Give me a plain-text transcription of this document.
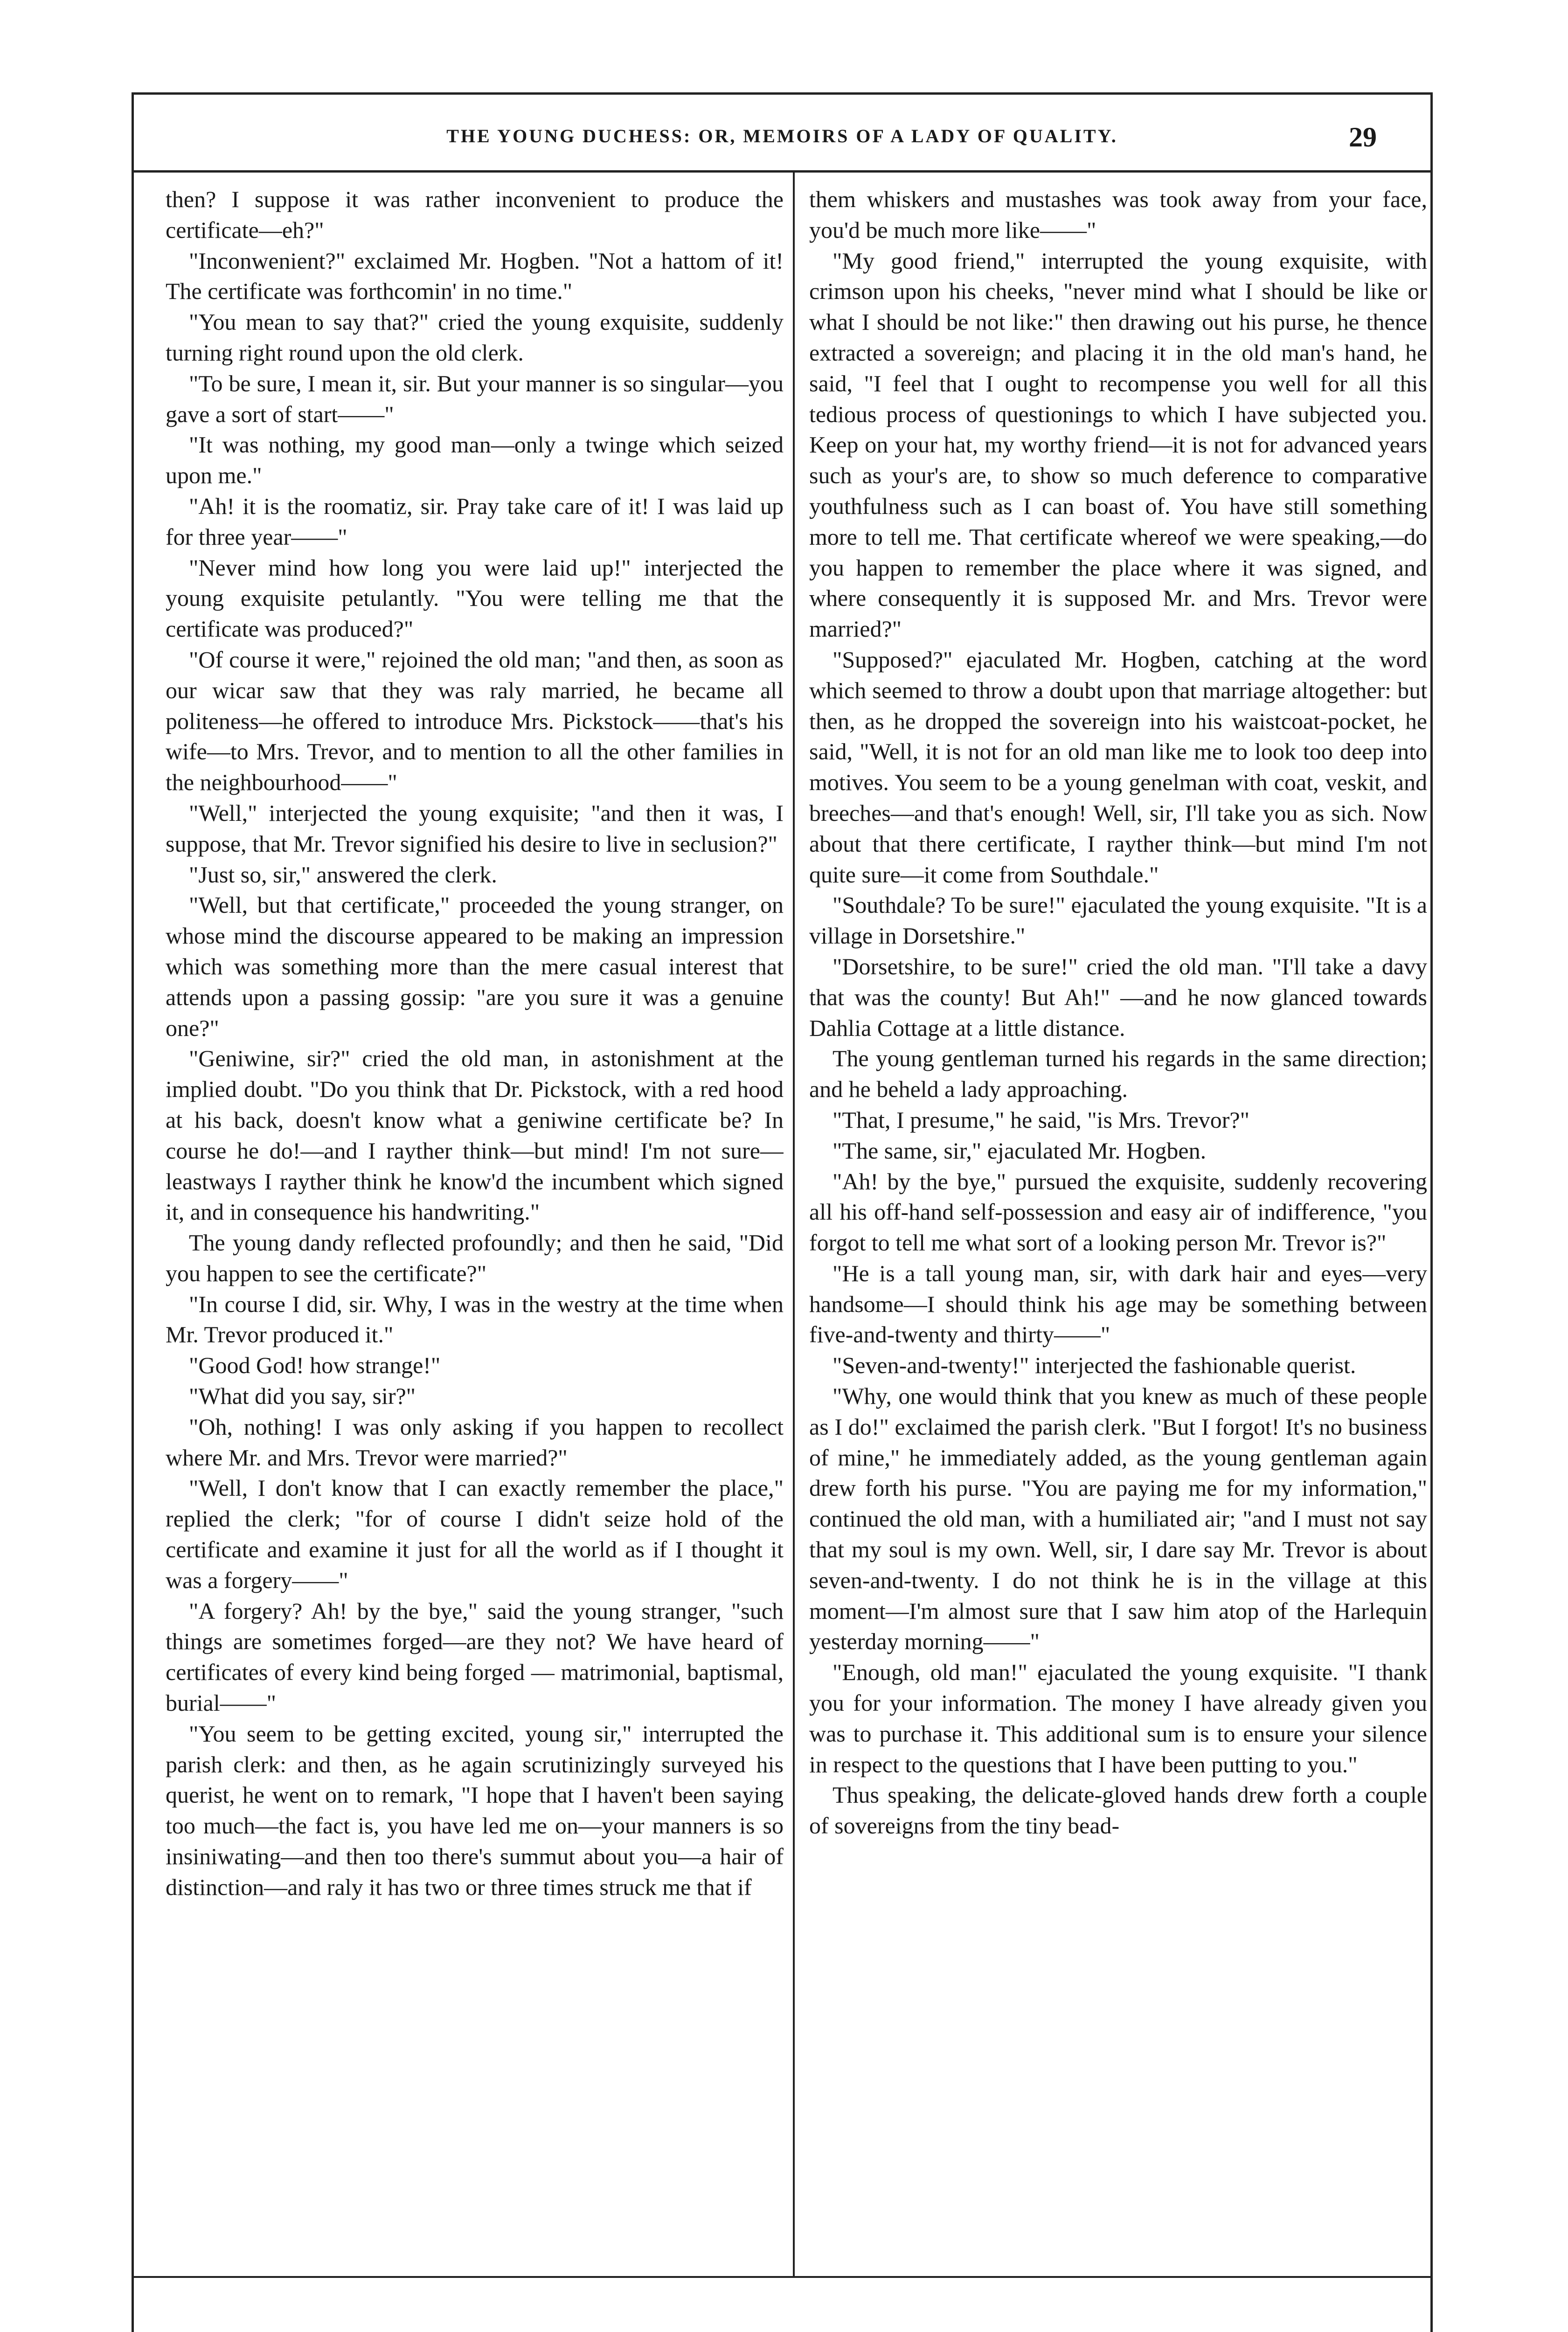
THE YOUNG DUCHESS: OR, MEMOIRS OF A LADY OF QUALITY.	29

then? I suppose it was rather inconvenient to produce the certificate—eh?"

"Inconwenient?" exclaimed Mr. Hogben. "Not a hattom of it! The certificate was forthcomin' in no time."

"You mean to say that?" cried the young exquisite, suddenly turning right round upon the old clerk.

"To be sure, I mean it, sir. But your manner is so singular—you gave a sort of start——"

"It was nothing, my good man—only a twinge which seized upon me."

"Ah! it is the roomatiz, sir. Pray take care of it! I was laid up for three year——"

"Never mind how long you were laid up!" interjected the young exquisite petulantly. "You were telling me that the certificate was produced?"

"Of course it were," rejoined the old man; "and then, as soon as our wicar saw that they was raly married, he became all politeness—he offered to introduce Mrs. Pickstock——that's his wife—to Mrs. Trevor, and to mention to all the other families in the neighbourhood——"

"Well," interjected the young exquisite; "and then it was, I suppose, that Mr. Trevor signified his desire to live in seclusion?"

"Just so, sir," answered the clerk.

"Well, but that certificate," proceeded the young stranger, on whose mind the discourse appeared to be making an impression which was something more than the mere casual interest that attends upon a passing gossip: "are you sure it was a genuine one?"

"Geniwine, sir?" cried the old man, in astonishment at the implied doubt. "Do you think that Dr. Pickstock, with a red hood at his back, doesn't know what a geniwine certificate be? In course he do!—and I rayther think—but mind! I'm not sure—leastways I rayther think he know'd the incumbent which signed it, and in consequence his handwriting."

The young dandy reflected profoundly; and then he said, "Did you happen to see the certificate?"

"In course I did, sir. Why, I was in the westry at the time when Mr. Trevor produced it."

"Good God! how strange!"

"What did you say, sir?"

"Oh, nothing! I was only asking if you happen to recollect where Mr. and Mrs. Trevor were married?"

"Well, I don't know that I can exactly remember the place," replied the clerk; "for of course I didn't seize hold of the certificate and examine it just for all the world as if I thought it was a forgery——"

"A forgery? Ah! by the bye," said the young stranger, "such things are sometimes forged—are they not? We have heard of certificates of every kind being forged — matrimonial, baptismal, burial——"

"You seem to be getting excited, young sir," interrupted the parish clerk: and then, as he again scrutinizingly surveyed his querist, he went on to remark, "I hope that I haven't been saying too much—the fact is, you have led me on—your manners is so insiniwating—and then too there's summut about you—a hair of distinction—and raly it has two or three times struck me that if

them whiskers and mustashes was took away from your face, you'd be much more like——"

"My good friend," interrupted the young exquisite, with crimson upon his cheeks, "never mind what I should be like or what I should be not like:" then drawing out his purse, he thence extracted a sovereign; and placing it in the old man's hand, he said, "I feel that I ought to recompense you well for all this tedious process of questionings to which I have subjected you. Keep on your hat, my worthy friend—it is not for advanced years such as your's are, to show so much deference to comparative youthfulness such as I can boast of. You have still something more to tell me. That certificate whereof we were speaking,—do you happen to remember the place where it was signed, and where consequently it is supposed Mr. and Mrs. Trevor were married?"

"Supposed?" ejaculated Mr. Hogben, catching at the word which seemed to throw a doubt upon that marriage altogether: but then, as he dropped the sovereign into his waistcoat-pocket, he said, "Well, it is not for an old man like me to look too deep into motives. You seem to be a young genelman with coat, veskit, and breeches—and that's enough! Well, sir, I'll take you as sich. Now about that there certificate, I rayther think—but mind I'm not quite sure—it come from Southdale."

"Southdale? To be sure!" ejaculated the young exquisite. "It is a village in Dorsetshire."

"Dorsetshire, to be sure!" cried the old man. "I'll take a davy that was the county! But Ah!" —and he now glanced towards Dahlia Cottage at a little distance.

The young gentleman turned his regards in the same direction; and he beheld a lady approaching.

"That, I presume," he said, "is Mrs. Trevor?"

"The same, sir," ejaculated Mr. Hogben.

"Ah! by the bye," pursued the exquisite, suddenly recovering all his off-hand self-possession and easy air of indifference, "you forgot to tell me what sort of a looking person Mr. Trevor is?"

"He is a tall young man, sir, with dark hair and eyes—very handsome—I should think his age may be something between five-and-twenty and thirty——"

"Seven-and-twenty!" interjected the fashionable querist.

"Why, one would think that you knew as much of these people as I do!" exclaimed the parish clerk. "But I forgot! It's no business of mine," he immediately added, as the young gentleman again drew forth his purse. "You are paying me for my information," continued the old man, with a humiliated air; "and I must not say that my soul is my own. Well, sir, I dare say Mr. Trevor is about seven-and-twenty. I do not think he is in the village at this moment—I'm almost sure that I saw him atop of the Harlequin yesterday morning——"

"Enough, old man!" ejaculated the young exquisite. "I thank you for your information. The money I have already given you was to purchase it. This additional sum is to ensure your silence in respect to the questions that I have been putting to you."

Thus speaking, the delicate-gloved hands drew forth a couple of sovereigns from the tiny bead-
